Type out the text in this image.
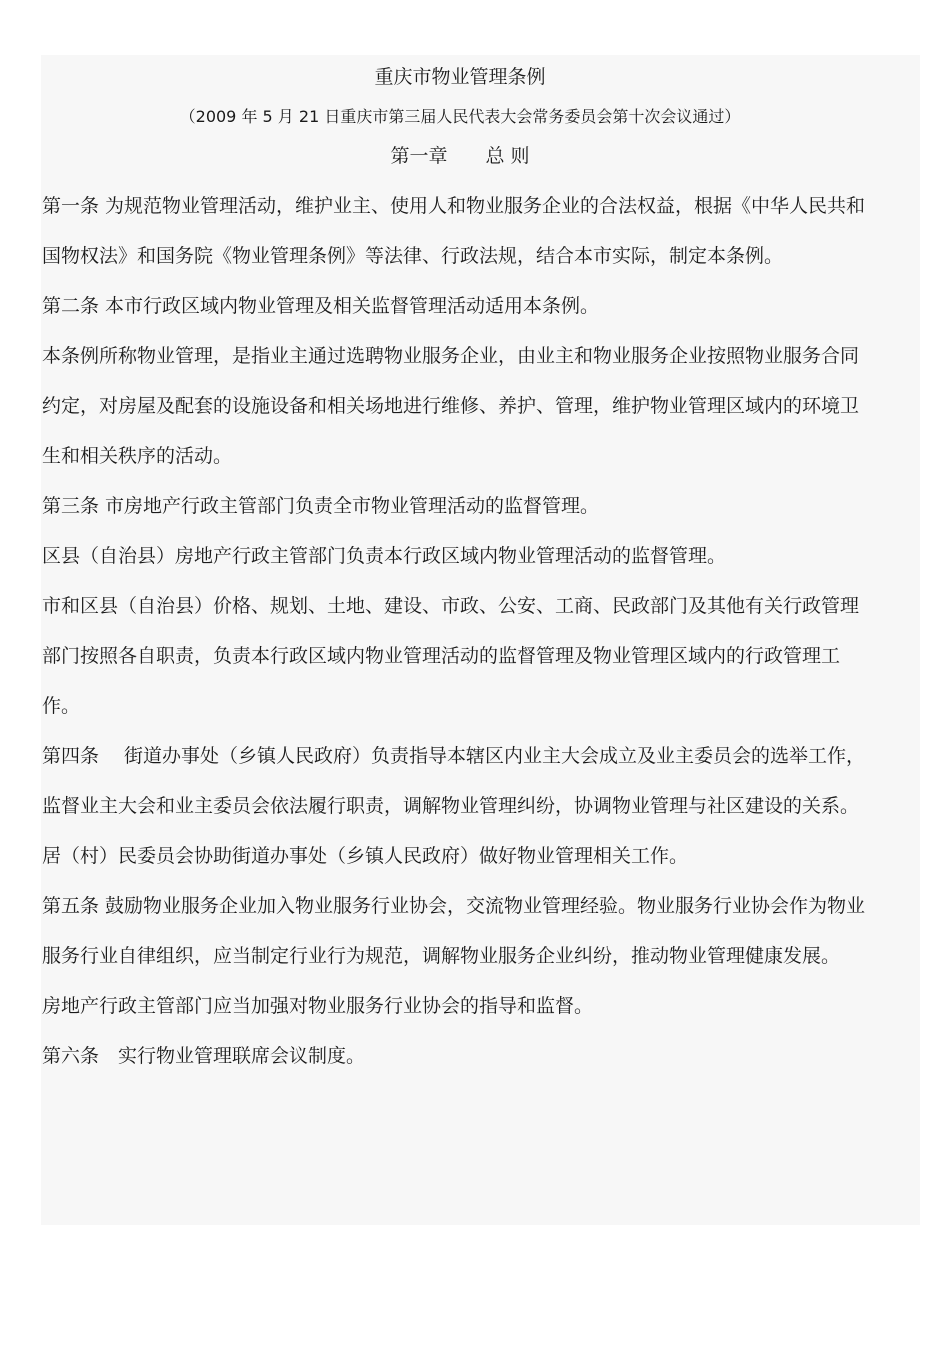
重庆市物业管理条例
（2009 年 5 月 21 日重庆市第三届人民代表大会常务委员会第十次会议通过）
第一章　　总 则

第一条 为规范物业管理活动，维护业主、使用人和物业服务企业的合法权益，根据《中华人民共和国物权法》和国务院《物业管理条例》等法律、行政法规，结合本市实际，制定本条例。

第二条 本市行政区域内物业管理及相关监督管理活动适用本条例。

本条例所称物业管理，是指业主通过选聘物业服务企业，由业主和物业服务企业按照物业服务合同约定，对房屋及配套的设施设备和相关场地进行维修、养护、管理，维护物业管理区域内的环境卫生和相关秩序的活动。

第三条 市房地产行政主管部门负责全市物业管理活动的监督管理。

区县（自治县）房地产行政主管部门负责本行政区域内物业管理活动的监督管理。

市和区县（自治县）价格、规划、土地、建设、市政、公安、工商、民政部门及其他有关行政管理部门按照各自职责，负责本行政区域内物业管理活动的监督管理及物业管理区域内的行政管理工作。

第四条　 街道办事处（乡镇人民政府）负责指导本辖区内业主大会成立及业主委员会的选举工作，监督业主大会和业主委员会依法履行职责，调解物业管理纠纷，协调物业管理与社区建设的关系。

居（村）民委员会协助街道办事处（乡镇人民政府）做好物业管理相关工作。

第五条 鼓励物业服务企业加入物业服务行业协会，交流物业管理经验。物业服务行业协会作为物业服务行业自律组织，应当制定行业行为规范，调解物业服务企业纠纷，推动物业管理健康发展。

房地产行政主管部门应当加强对物业服务行业协会的指导和监督。

第六条　实行物业管理联席会议制度。
